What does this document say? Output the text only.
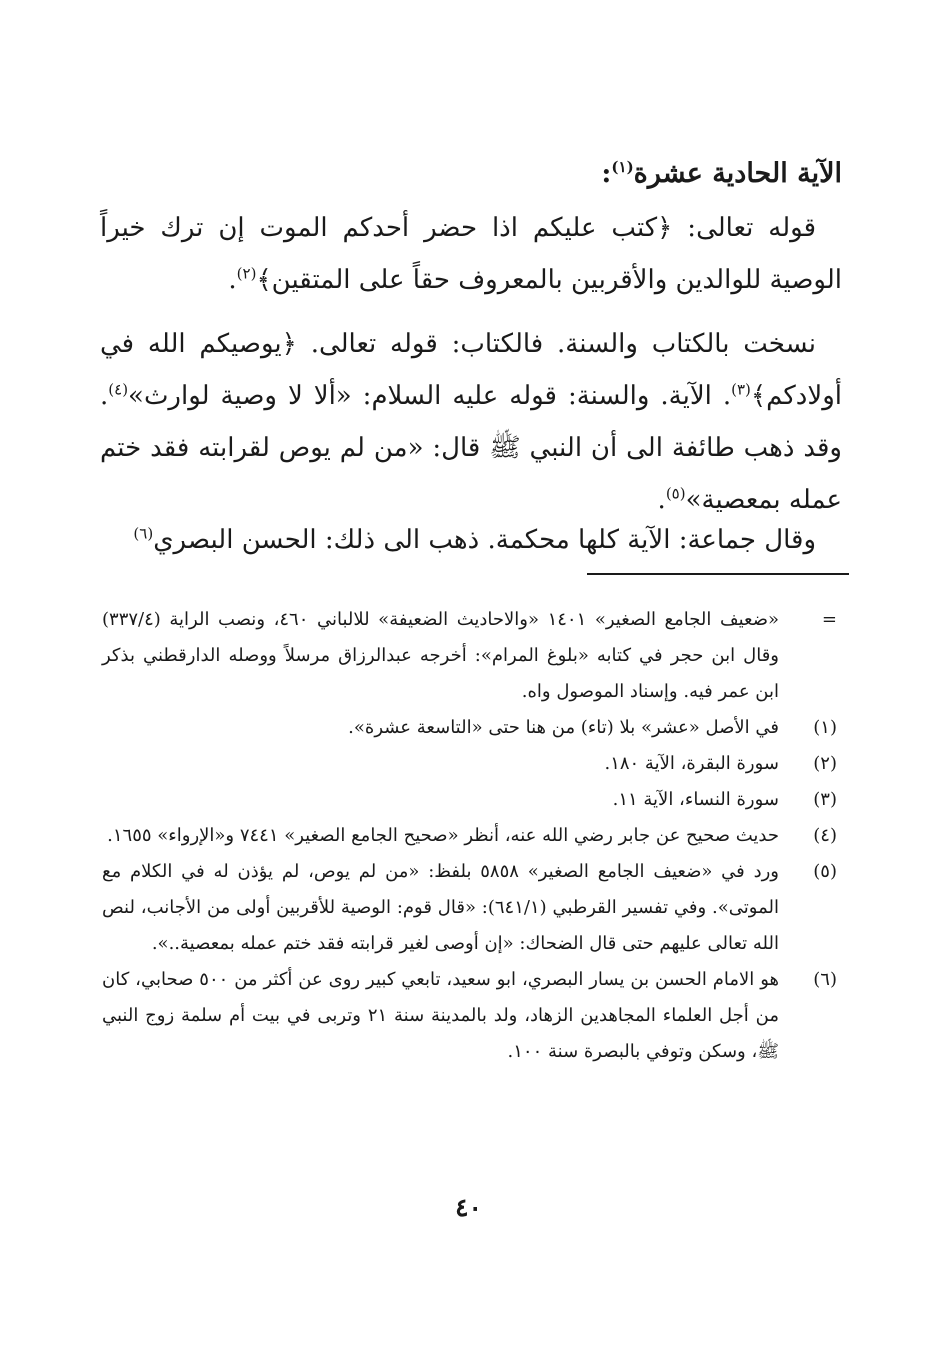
الآية الحادية عشرة$^{(١)}$:

قوله تعالى: ﴿كتب عليكم اذا حضر أحدكم الموت إن ترك خيراً الوصية للوالدين والأقربين بالمعروف حقاً على المتقين﴾$^{(٢)}$.

نسخت بالكتاب والسنة. فالكتاب: قوله تعالى. ﴿يوصيكم الله في أولادكم﴾$^{(٣)}$. الآية. والسنة: قوله عليه السلام: «ألا لا وصية لوارث»$^{(٤)}$. وقد ذهب طائفة الى أن النبي ﷺ قال: «من لم يوص لقرابته فقد ختم عمله بمعصية»$^{(٥)}$.

وقال جماعة: الآية كلها محكمة. ذهب الى ذلك: الحسن البصري$^{(٦)}$

=
«ضعيف الجامع الصغير» ١٤٠١ «والاحاديث الضعيفة» للالباني ٤٦٠، ونصب الراية (٣٣٧/٤) وقال ابن حجر في كتابه «بلوغ المرام»: أخرجه عبدالرزاق مرسلاً ووصله الدارقطني بذكر ابن عمر فيه. وإسناد الموصول واه.
(١)
في الأصل «عشر» بلا (تاء) من هنا حتى «التاسعة عشرة».
(٢)
سورة البقرة، الآية ١٨٠.
(٣)
سورة النساء، الآية ١١.
(٤)
حديث صحيح عن جابر رضي الله عنه، أنظر «صحيح الجامع الصغير» ٧٤٤١ و«الإرواء» ١٦٥٥.
(٥)
ورد في «ضعيف الجامع الصغير» ٥٨٥٨ بلفظ: «من لم يوص، لم يؤذن له في الكلام مع الموتى». وفي تفسير القرطبي (٦٤١/١): «قال قوم: الوصية للأقربين أولى من الأجانب، لنص الله تعالى عليهم حتى قال الضحاك: «إن أوصى لغير قرابته فقد ختم عمله بمعصية..».
(٦)
هو الامام الحسن بن يسار البصري، ابو سعيد، تابعي كبير روى عن أكثر من ٥٠٠ صحابي، كان من أجل العلماء المجاهدين الزهاد، ولد بالمدينة سنة ٢١ وتربى في بيت أم سلمة زوج النبي ﷺ، وسكن وتوفي بالبصرة سنة ١٠٠.

٤٠
